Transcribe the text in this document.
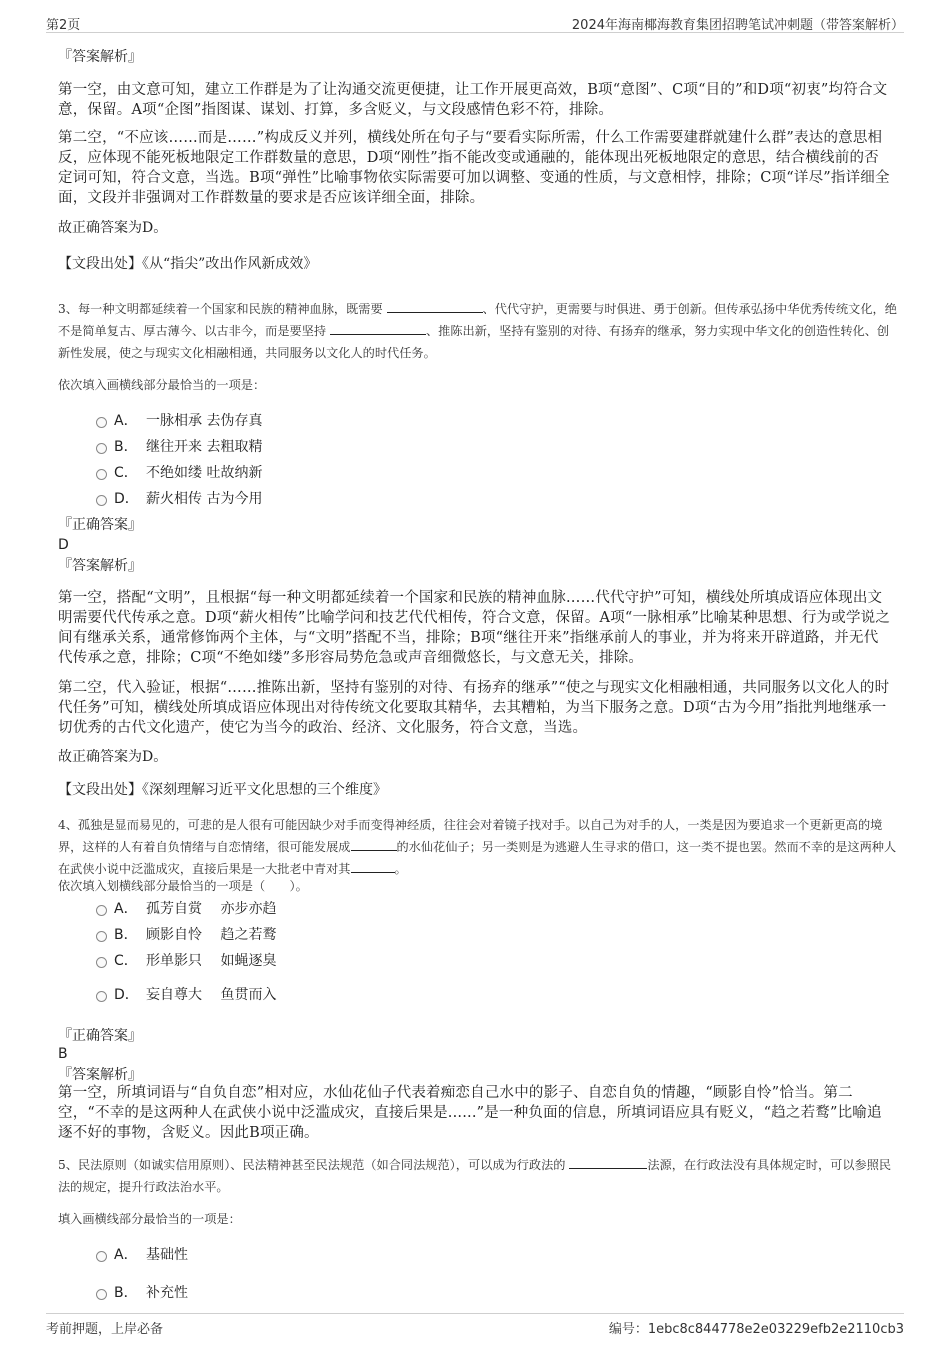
第2页	2024年海南椰海教育集团招聘笔试冲刺题（带答案解析）
『答案解析』
第一空，由文意可知，建立工作群是为了让沟通交流更便捷，让工作开展更高效，B项“意图”、C项“目的”和D项“初衷”均符合文意，保留。A项“企图”指图谋、谋划、打算，多含贬义，与文段感情色彩不符，排除。
第二空，“不应该……而是……”构成反义并列，横线处所在句子与“要看实际所需，什么工作需要建群就建什么群”表达的意思相反，应体现不能死板地限定工作群数量的意思，D项“刚性”指不能改变或通融的，能体现出死板地限定的意思，结合横线前的否定词可知，符合文意，当选。B项“弹性”比喻事物依实际需要可加以调整、变通的性质，与文意相悖，排除；C项“详尽”指详细全面，文段并非强调对工作群数量的要求是否应该详细全面，排除。
故正确答案为D。
【文段出处】《从“指尖”改出作风新成效》
3、每一种文明都延续着一个国家和民族的精神血脉，既需要	、代代守护，更需要与时俱进、勇于创新。但传承弘扬中华优秀传统文化，绝不是简单复古、厚古薄今、以古非今，而是要坚持	、推陈出新，坚持有鉴别的对待、有扬弃的继承，努力实现中华文化的创造性转化、创新性发展，使之与现实文化相融相通，共同服务以文化人的时代任务。
依次填入画横线部分最恰当的一项是：
A． 一脉相承 去伪存真
B． 继往开来 去粗取精
C． 不绝如缕 吐故纳新
D． 薪火相传 古为今用
『正确答案』
D
『答案解析』
第一空，搭配“文明”，且根据“每一种文明都延续着一个国家和民族的精神血脉……代代守护”可知，横线处所填成语应体现出文明需要代代传承之意。D项“薪火相传”比喻学问和技艺代代相传，符合文意，保留。A项“一脉相承”比喻某种思想、行为或学说之间有继承关系，通常修饰两个主体，与“文明”搭配不当，排除；B项“继往开来”指继承前人的事业，并为将来开辟道路，并无代代传承之意，排除；C项“不绝如缕”多形容局势危急或声音细微悠长，与文意无关，排除。
第二空，代入验证，根据“……推陈出新，坚持有鉴别的对待、有扬弃的继承”“使之与现实文化相融相通，共同服务以文化人的时代任务”可知，横线处所填成语应体现出对待传统文化要取其精华，去其糟粕，为当下服务之意。D项“古为今用”指批判地继承一切优秀的古代文化遗产，使它为当今的政治、经济、文化服务，符合文意，当选。
故正确答案为D。
【文段出处】《深刻理解习近平文化思想的三个维度》
4、孤独是显而易见的，可悲的是人很有可能因缺少对手而变得神经质，往往会对着镜子找对手。以自己为对手的人，一类是因为要追求一个更新更高的境界，这样的人有着自负情绪与自恋情绪，很可能发展成	的水仙花仙子；另一类则是为逃避人生寻求的借口，这一类不提也罢。然而不幸的是这两种人在武侠小说中泛滥成灾，直接后果是一大批老中青对其	。
依次填入划横线部分最恰当的一项是（　　）。
A． 孤芳自赏　 亦步亦趋
B． 顾影自怜　 趋之若鹜
C． 形单影只　 如蝇逐臭
D． 妄自尊大　 鱼贯而入
『正确答案』
B
『答案解析』
第一空，所填词语与“自负自恋”相对应，水仙花仙子代表着痴恋自己水中的影子、自恋自负的情趣，“顾影自怜”恰当。第二空，“不幸的是这两种人在武侠小说中泛滥成灾，直接后果是......”是一种负面的信息，所填词语应具有贬义，“趋之若鹜”比喻追逐不好的事物，含贬义。因此B项正确。
5、民法原则（如诚实信用原则）、民法精神甚至民法规范（如合同法规范），可以成为行政法的	法源，在行政法没有具体规定时，可以参照民法的规定，提升行政法治水平。
填入画横线部分最恰当的一项是：
A． 基础性
B． 补充性
考前押题，上岸必备	编号：1ebc8c844778e2e03229efb2e2110cb3
